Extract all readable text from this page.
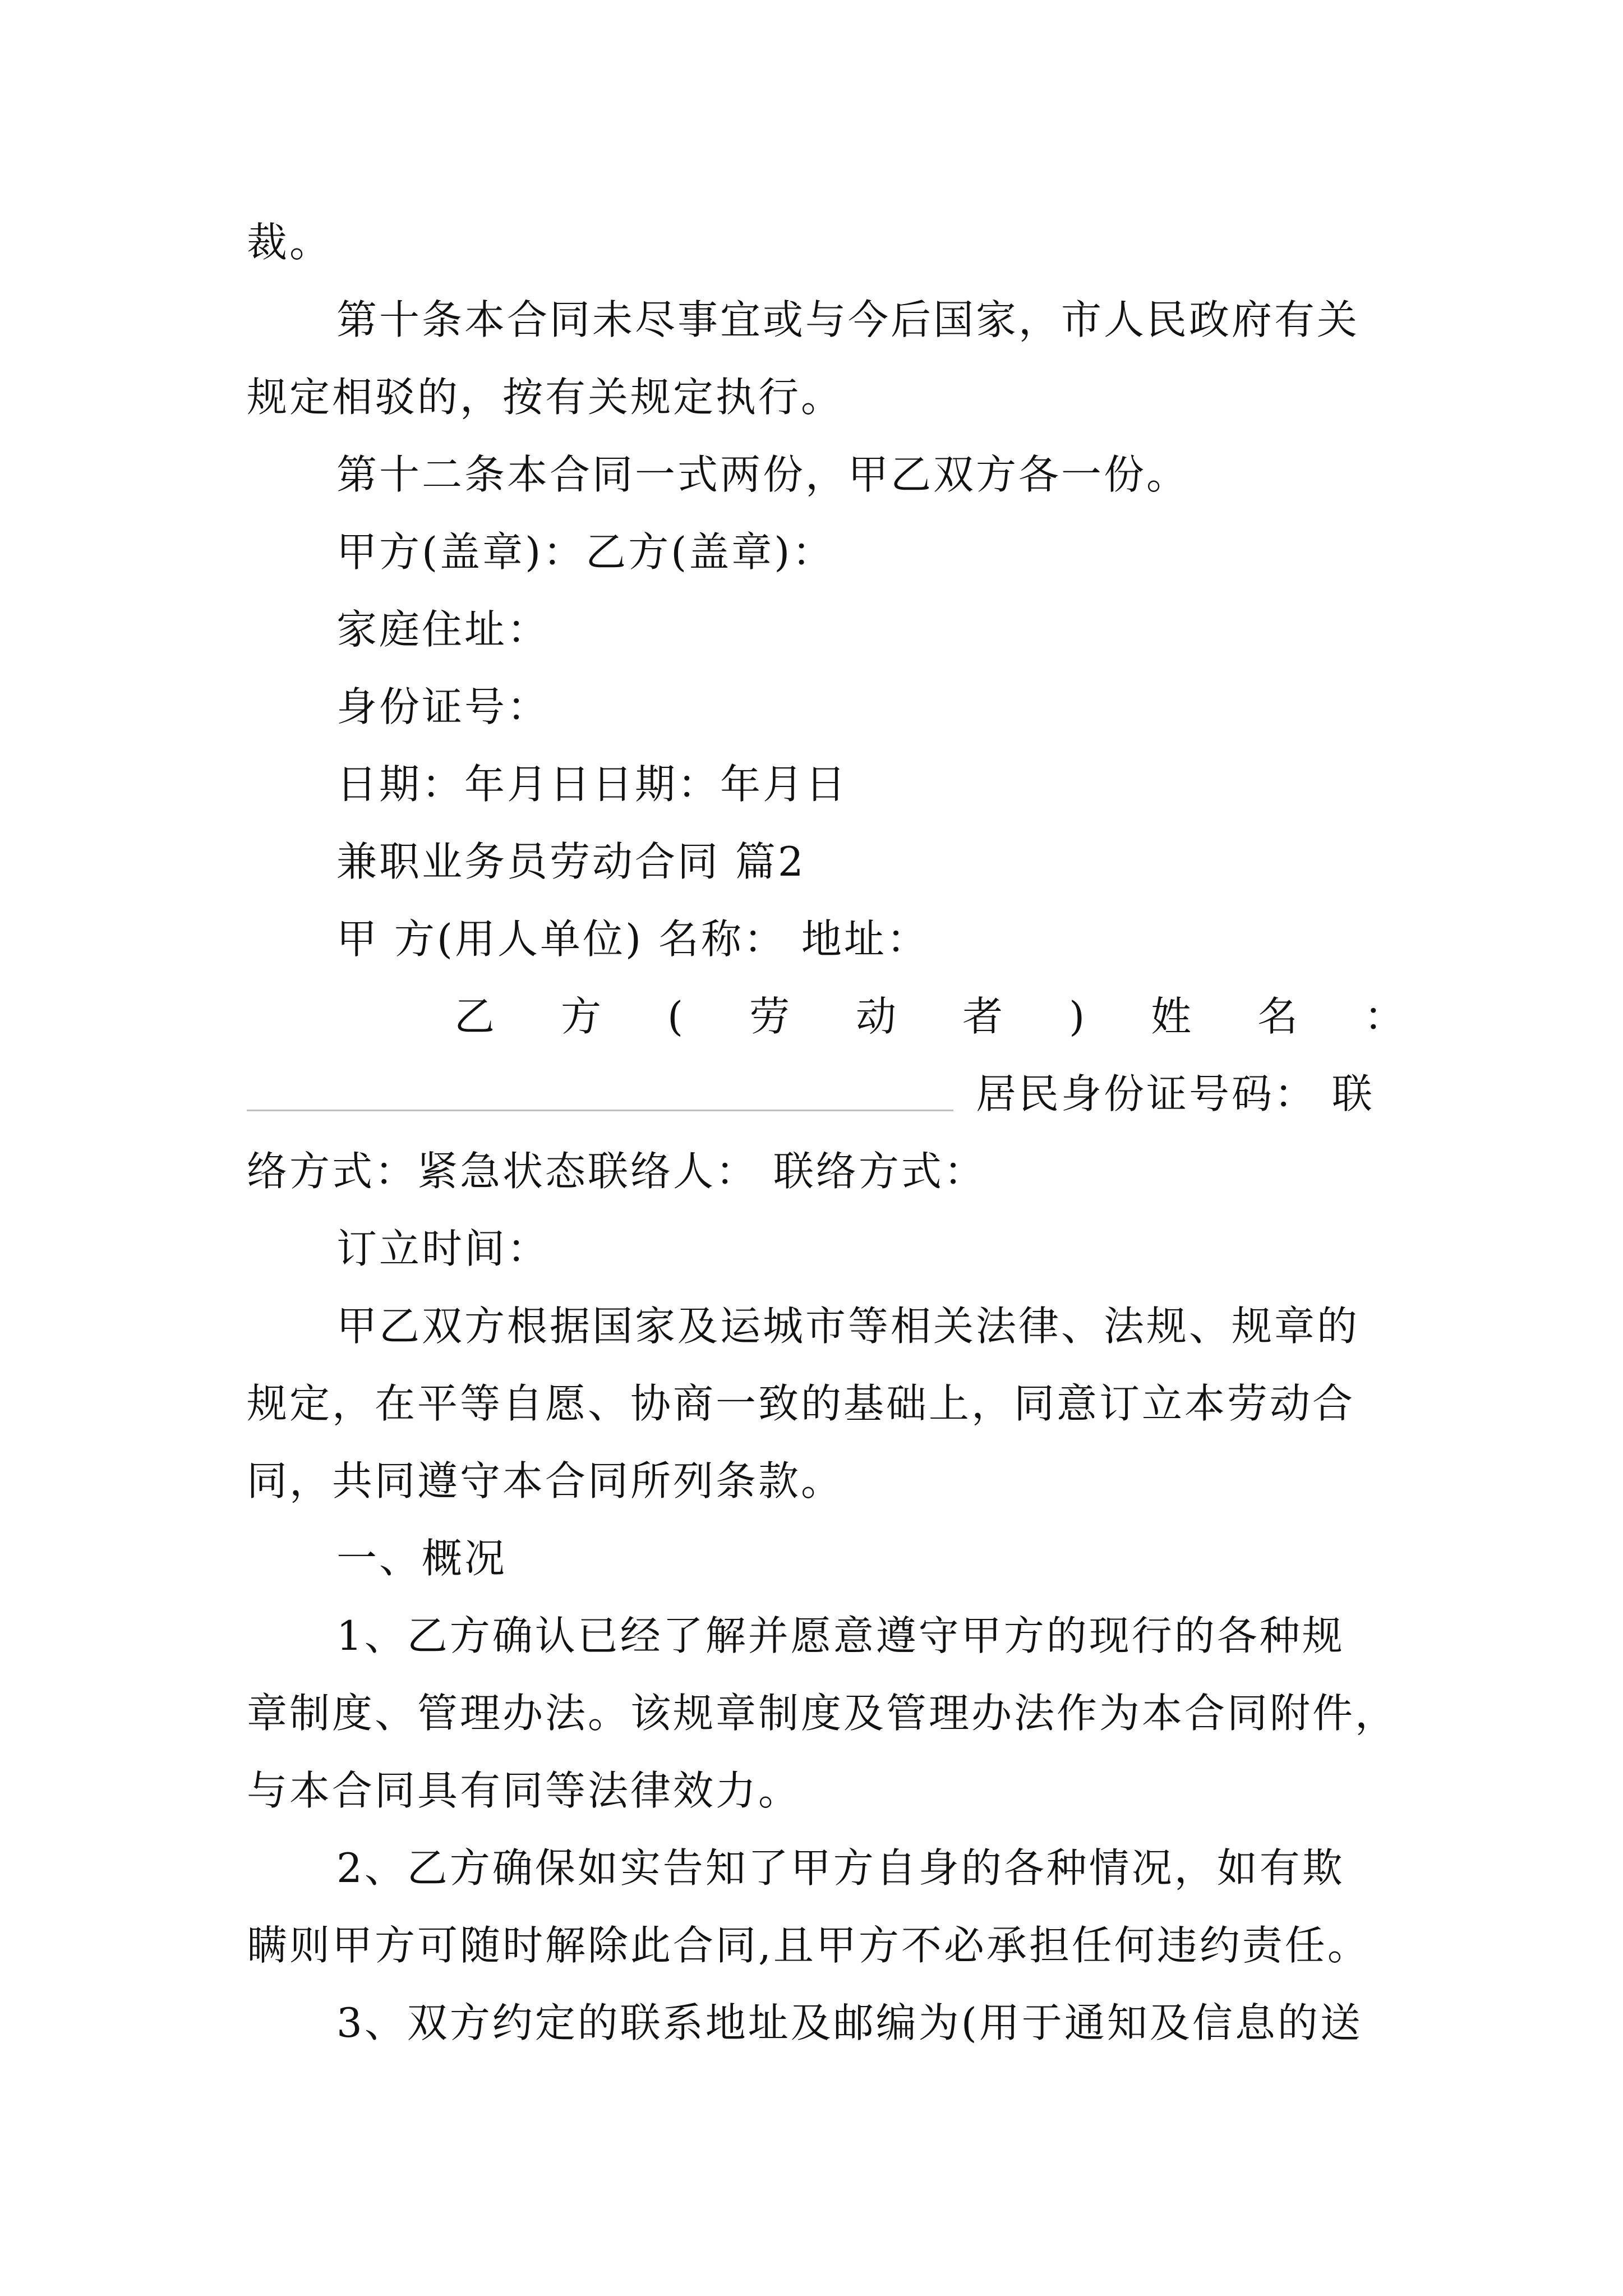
裁。
第十条本合同未尽事宜或与今后国家，市人民政府有关
规定相驳的，按有关规定执行。
第十二条本合同一式两份，甲乙双方各一份。
甲方(盖章)：乙方(盖章)：
家庭住址：
身份证号：
日期：年月日日期：年月日
兼职业务员劳动合同 篇2
甲 方(用人单位) 名称： 地址：
乙方(劳动者)姓名：
居民身份证号码： 联
络方式：紧急状态联络人： 联络方式：
订立时间：
甲乙双方根据国家及运城市等相关法律、法规、规章的
规定，在平等自愿、协商一致的基础上，同意订立本劳动合
同，共同遵守本合同所列条款。
一、概况
1、乙方确认已经了解并愿意遵守甲方的现行的各种规
章制度、管理办法。该规章制度及管理办法作为本合同附件，
与本合同具有同等法律效力。
2、乙方确保如实告知了甲方自身的各种情况，如有欺
瞒则甲方可随时解除此合同,且甲方不必承担任何违约责任。
3、双方约定的联系地址及邮编为(用于通知及信息的送
